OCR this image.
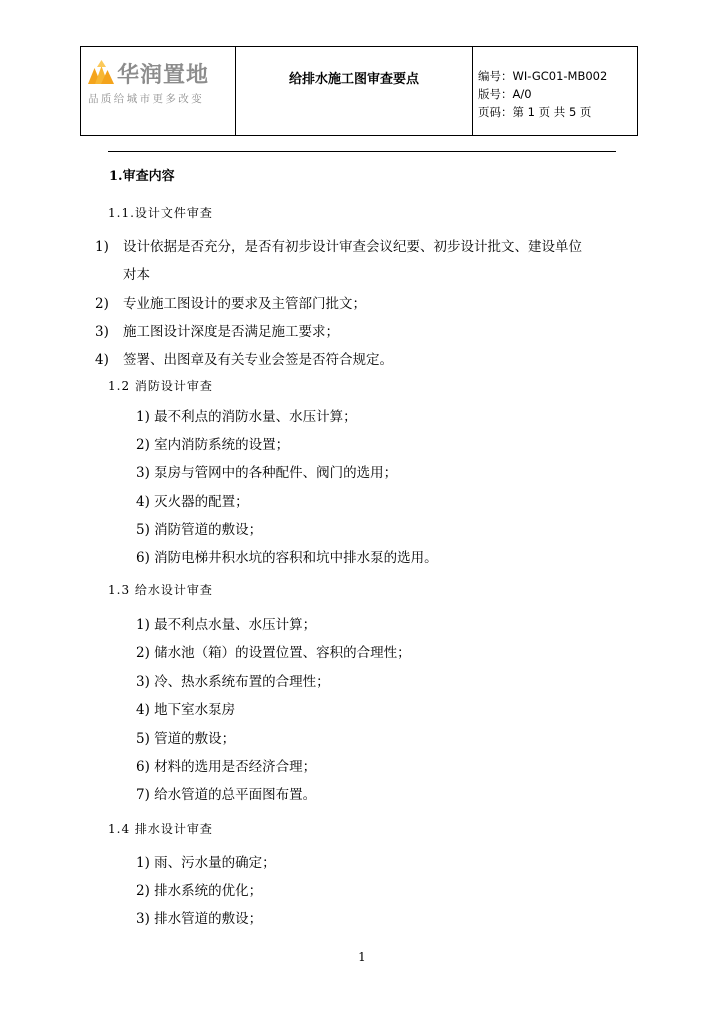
华润置地
品质给城市更多改变
给排水施工图审查要点	编号：WI-GC01-MB002
版号：A/0
页码：第 1 页 共 5 页
1.审查内容
1.1.设计文件审查
1) 设计依据是否充分，是否有初步设计审查会议纪要、初步设计批文、建设单位
对本
2) 专业施工图设计的要求及主管部门批文；
3) 施工图设计深度是否满足施工要求；
4) 签署、出图章及有关专业会签是否符合规定。
1.2 消防设计审查
1) 最不利点的消防水量、水压计算；
2) 室内消防系统的设置；
3) 泵房与管网中的各种配件、阀门的选用；
4) 灭火器的配置；
5) 消防管道的敷设；
6) 消防电梯井积水坑的容积和坑中排水泵的选用。
1.3 给水设计审查
1) 最不利点水量、水压计算；
2) 储水池（箱）的设置位置、容积的合理性；
3) 冷、热水系统布置的合理性；
4) 地下室水泵房
5) 管道的敷设；
6) 材料的选用是否经济合理；
7) 给水管道的总平面图布置。
1.4 排水设计审查
1) 雨、污水量的确定；
2) 排水系统的优化；
3) 排水管道的敷设；
1
